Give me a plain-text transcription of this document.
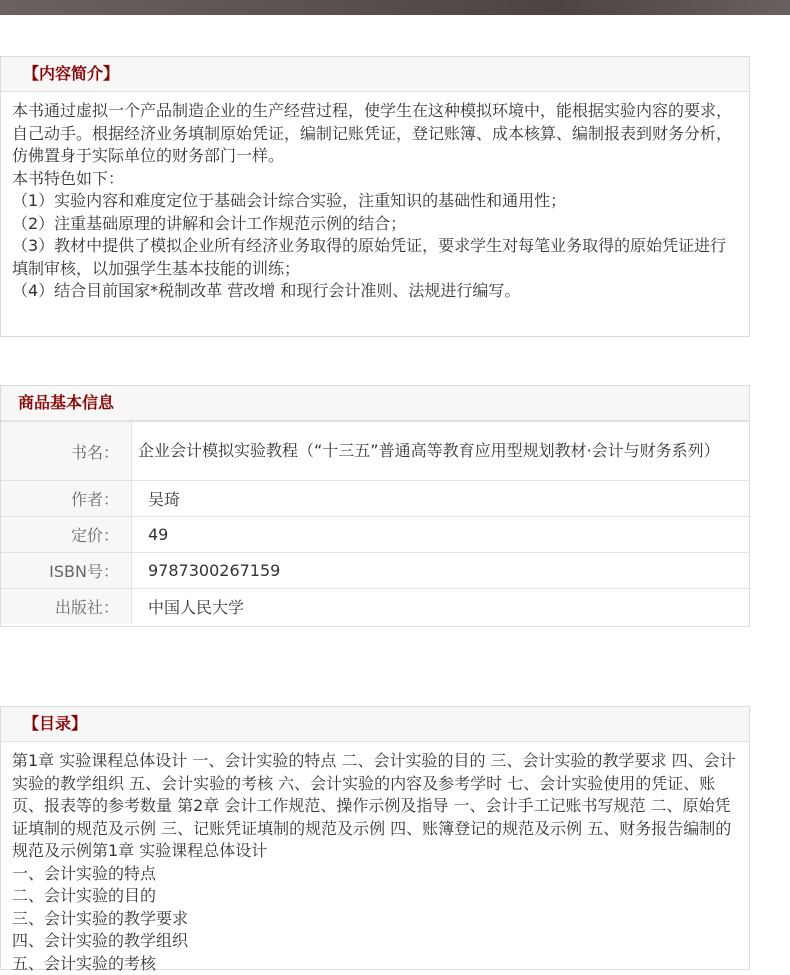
【内容简介】
本书通过虚拟一个产品制造企业的生产经营过程，使学生在这种模拟环境中，能根据实验内容的要求，自己动手。根据经济业务填制原始凭证，编制记账凭证，登记账簿、成本核算、编制报表到财务分析，仿佛置身于实际单位的财务部门一样。
本书特色如下：
（1）实验内容和难度定位于基础会计综合实验，注重知识的基础性和通用性；
（2）注重基础原理的讲解和会计工作规范示例的结合；
（3）教材中提供了模拟企业所有经济业务取得的原始凭证，要求学生对每笔业务取得的原始凭证进行填制审核，以加强学生基本技能的训练；
（4）结合目前国家*税制改革 营改增 和现行会计准则、法规进行编写。
商品基本信息
书名：	企业会计模拟实验教程（“十三五”普通高等教育应用型规划教材·会计与财务系列）
作者：	吴琦
定价：	49
ISBN号：	9787300267159
出版社：	中国人民大学
【目录】
第1章 实验课程总体设计 一、会计实验的特点 二、会计实验的目的 三、会计实验的教学要求 四、会计实验的教学组织 五、会计实验的考核 六、会计实验的内容及参考学时 七、会计实验使用的凭证、账页、报表等的参考数量 第2章 会计工作规范、操作示例及指导 一、会计手工记账书写规范 二、原始凭证填制的规范及示例 三、记账凭证填制的规范及示例 四、账簿登记的规范及示例 五、财务报告编制的规范及示例第1章 实验课程总体设计
一、会计实验的特点
二、会计实验的目的
三、会计实验的教学要求
四、会计实验的教学组织
五、会计实验的考核
